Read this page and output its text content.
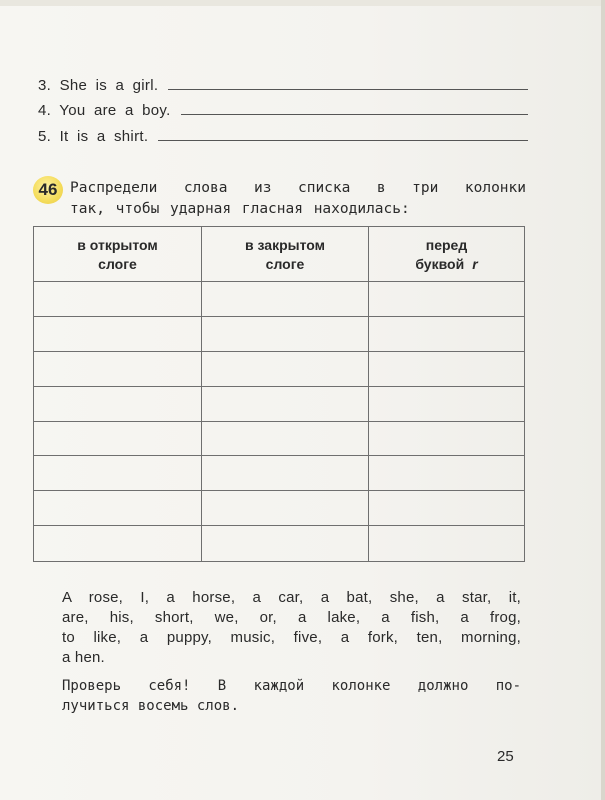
3. She is a girl.
4. You are a boy.
5. It is a shirt.
46 Распредели слова из списка в три колонки
так, чтобы ударная гласная находилась:
в открытом
слоге
в закрытом
слоге
перед
буквой r
A rose, I, a horse, a car, a bat, she, a star, it,
are, his, short, we, or, a lake, a fish, a frog,
to like, a puppy, music, five, a fork, ten, morning,
a hen.
Проверь себя! В каждой колонке должно по-
лучиться восемь слов.
25
